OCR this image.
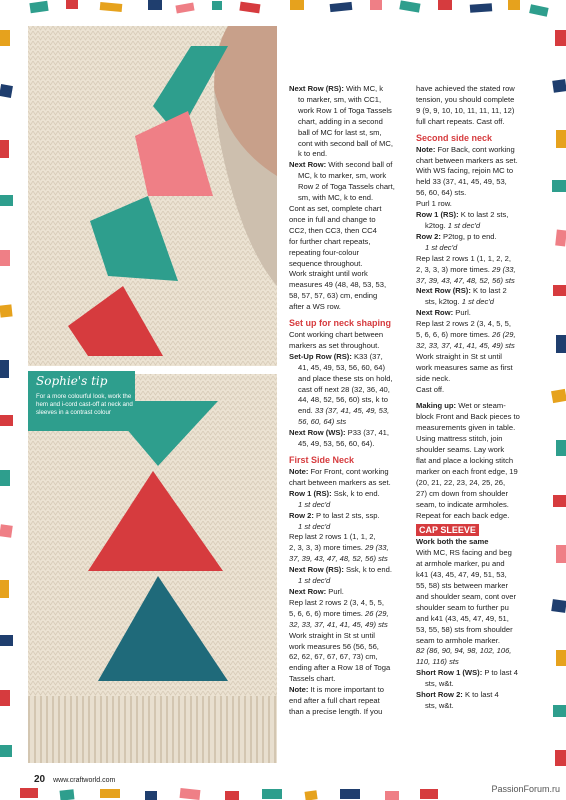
Sophie's tip
For a more colourful look, work the hem and i-cord cast-off at neck and sleeves in a contrast colour

Next Row (RS): With MC, k

to marker, sm, with CC1,

work Row 1 of Toga Tassels

chart, adding in a second

ball of MC for last st, sm,

cont with second ball of MC,

k to end.

Next Row: With second ball of

MC, k to marker, sm, work

Row 2 of Toga Tassels chart,

sm, with MC, k to end.

Cont as set, complete chart

once in full and change to

CC2, then CC3, then CC4

for further chart repeats,

repeating four-colour

sequence throughout.

Work straight until work

measures 49 (48, 48, 53, 53,

58, 57, 57, 63) cm, ending

after a WS row.

Set up for neck shaping

Cont working chart between

markers as set throughout.

Set-Up Row (RS): K33 (37,

41, 45, 49, 53, 56, 60, 64)

and place these sts on hold,

cast off next 28 (32, 36, 40,

44, 48, 52, 56, 60) sts, k to

end. 33 (37, 41, 45, 49, 53,

56, 60, 64) sts

Next Row (WS): P33 (37, 41,

45, 49, 53, 56, 60, 64).

First Side Neck

Note: For Front, cont working

chart between markers as set.

Row 1 (RS): Ssk, k to end.

1 st dec'd

Row 2: P to last 2 sts, ssp.

1 st dec'd

Rep last 2 rows 1 (1, 1, 2,

2, 3, 3, 3) more times. 29 (33,

37, 39, 43, 47, 48, 52, 56) sts

Next Row (RS): Ssk, k to end.

1 st dec'd

Next Row: Purl.

Rep last 2 rows 2 (3, 4, 5, 5,

5, 6, 6, 6) more times. 26 (29,

32, 33, 37, 41, 41, 45, 49) sts

Work straight in St st until

work measures 56 (56, 56,

62, 62, 67, 67, 67, 73) cm,

ending after a Row 18 of Toga

Tassels chart.

Note: It is more important to

end after a full chart repeat

than a precise length. If you

have achieved the stated row

tension, you should complete

9 (9, 9, 10, 10, 11, 11, 11, 12)

full chart repeats. Cast off.

Second side neck

Note: For Back, cont working

chart between markers as set.

With WS facing, rejoin MC to

held 33 (37, 41, 45, 49, 53,

56, 60, 64) sts.

Purl 1 row.

Row 1 (RS): K to last 2 sts,

k2tog. 1 st dec'd

Row 2: P2tog, p to end.

1 st dec'd

Rep last 2 rows 1 (1, 1, 2, 2,

2, 3, 3, 3) more times. 29 (33,

37, 39, 43, 47, 48, 52, 56) sts

Next Row (RS): K to last 2

sts, k2tog. 1 st dec'd

Next Row: Purl.

Rep last 2 rows 2 (3, 4, 5, 5,

5, 6, 6, 6) more times. 26 (29,

32, 33, 37, 41, 41, 45, 49) sts

Work straight in St st until

work measures same as first

side neck.

Cast off.

Making up: Wet or steam-

block Front and Back pieces to

measurements given in table.

Using mattress stitch, join

shoulder seams. Lay work

flat and place a locking stitch

marker on each front edge, 19

(20, 21, 22, 23, 24, 25, 26,

27) cm down from shoulder

seam, to indicate armholes.

Repeat for each back edge.

CAP SLEEVE

Work both the same

With MC, RS facing and beg

at armhole marker, pu and

k41 (43, 45, 47, 49, 51, 53,

55, 58) sts between marker

and shoulder seam, cont over

shoulder seam to further pu

and k41 (43, 45, 47, 49, 51,

53, 55, 58) sts from shoulder

seam to armhole marker.

82 (86, 90, 94, 98, 102, 106,

110, 116) sts

Short Row 1 (WS): P to last 4

sts, w&t.

Short Row 2: K to last 4

sts, w&t.

20 www.craftworld.com
PassionForum.ru
